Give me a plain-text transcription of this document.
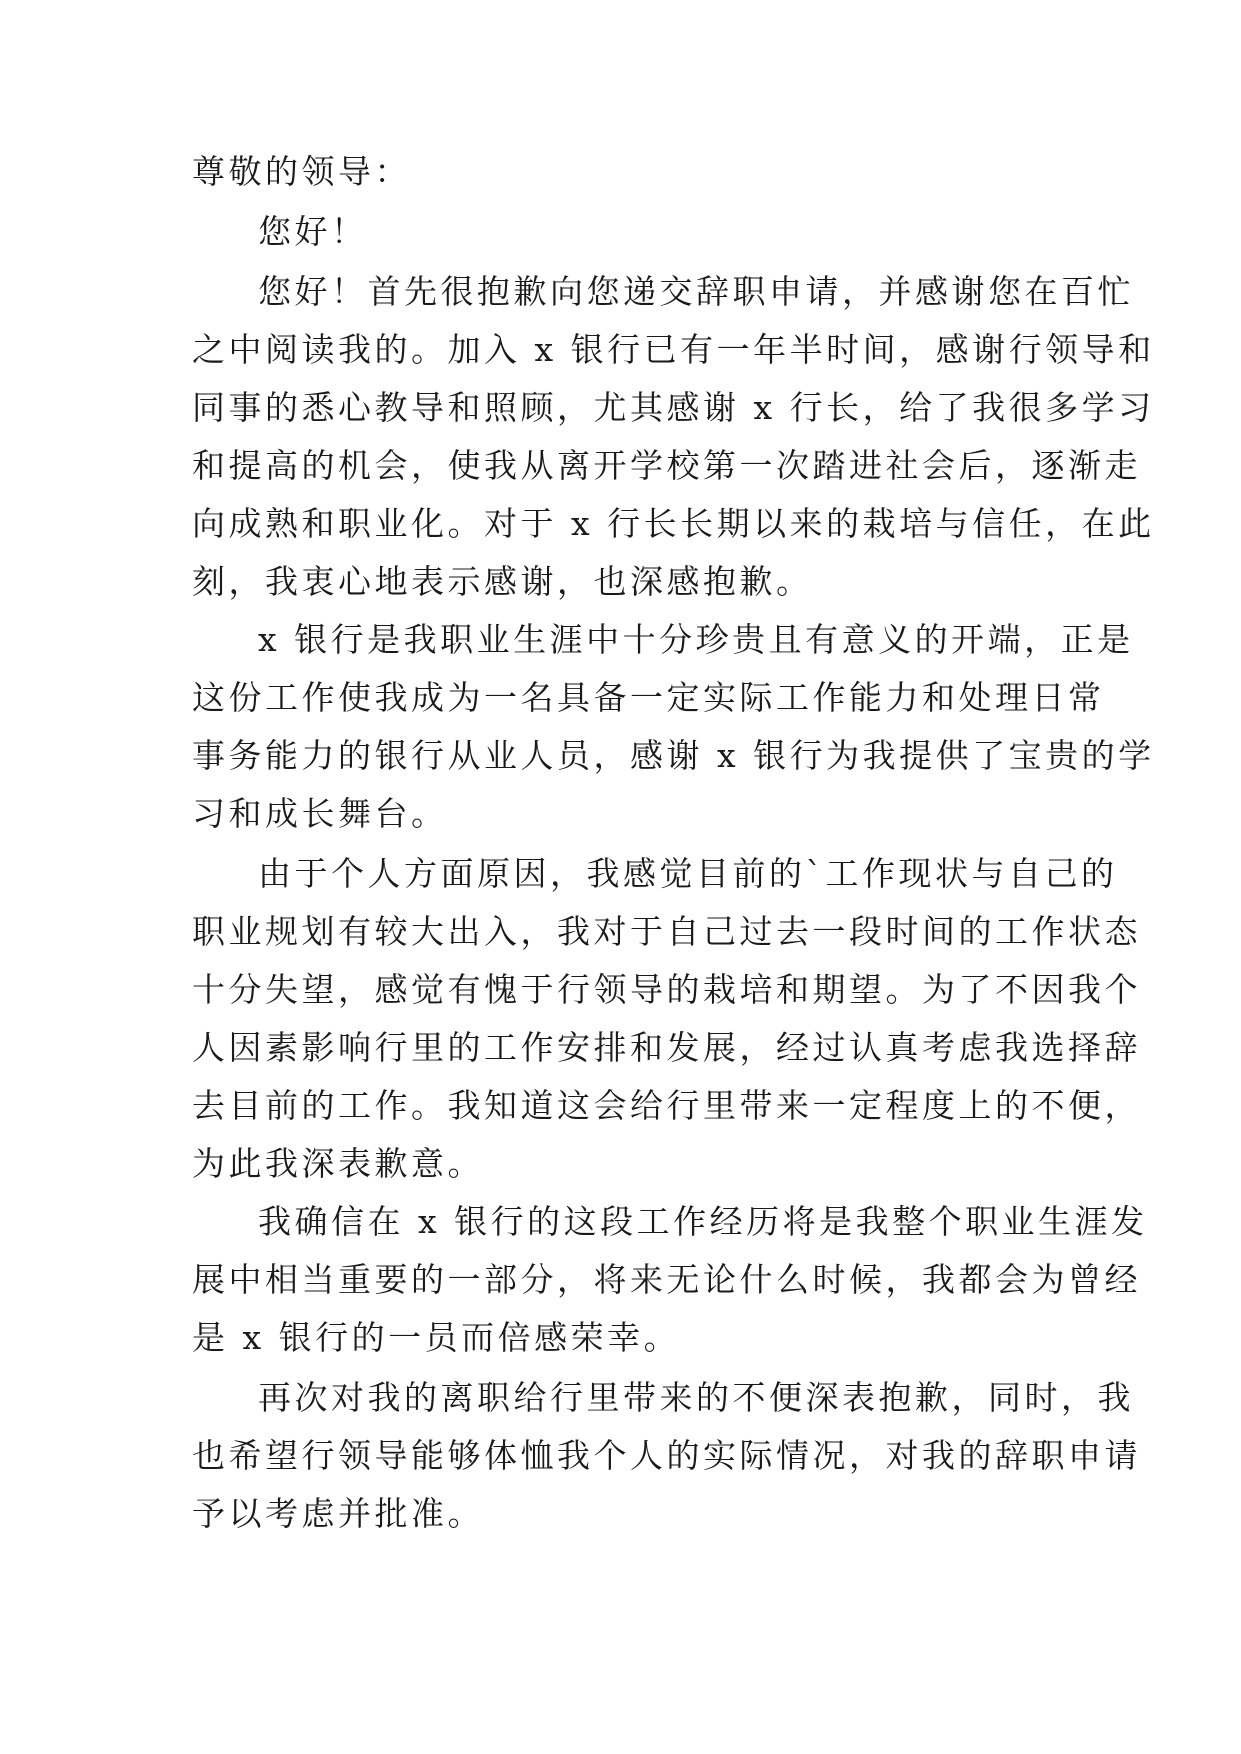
尊敬的领导：
您好！
您好！首先很抱歉向您递交辞职申请，并感谢您在百忙
之中阅读我的。加入 x 银行已有一年半时间，感谢行领导和
同事的悉心教导和照顾，尤其感谢 x 行长，给了我很多学习
和提高的机会，使我从离开学校第一次踏进社会后，逐渐走
向成熟和职业化。对于 x 行长长期以来的栽培与信任，在此
刻，我衷心地表示感谢，也深感抱歉。
x 银行是我职业生涯中十分珍贵且有意义的开端，正是
这份工作使我成为一名具备一定实际工作能力和处理日常
事务能力的银行从业人员，感谢 x 银行为我提供了宝贵的学
习和成长舞台。
由于个人方面原因，我感觉目前的`工作现状与自己的
职业规划有较大出入，我对于自己过去一段时间的工作状态
十分失望，感觉有愧于行领导的栽培和期望。为了不因我个
人因素影响行里的工作安排和发展，经过认真考虑我选择辞
去目前的工作。我知道这会给行里带来一定程度上的不便，
为此我深表歉意。
我确信在 x 银行的这段工作经历将是我整个职业生涯发
展中相当重要的一部分，将来无论什么时候，我都会为曾经
是 x 银行的一员而倍感荣幸。
再次对我的离职给行里带来的不便深表抱歉，同时，我
也希望行领导能够体恤我个人的实际情况，对我的辞职申请
予以考虑并批准。
